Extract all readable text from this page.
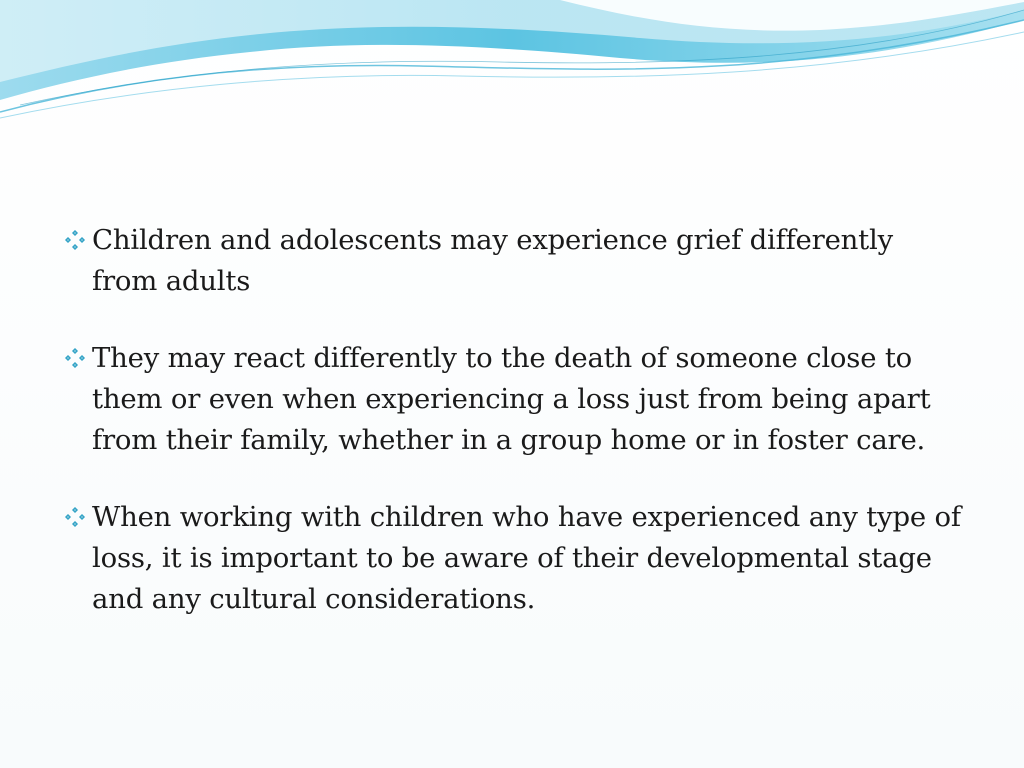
Children and adolescents may experience grief differently from adults
They may react differently to the death of someone close to them or even when experiencing a loss just from being apart from their family, whether in a group home or in foster care.
When working with children who have experienced any type of loss, it is important to be aware of their developmental stage and any cultural considerations.
